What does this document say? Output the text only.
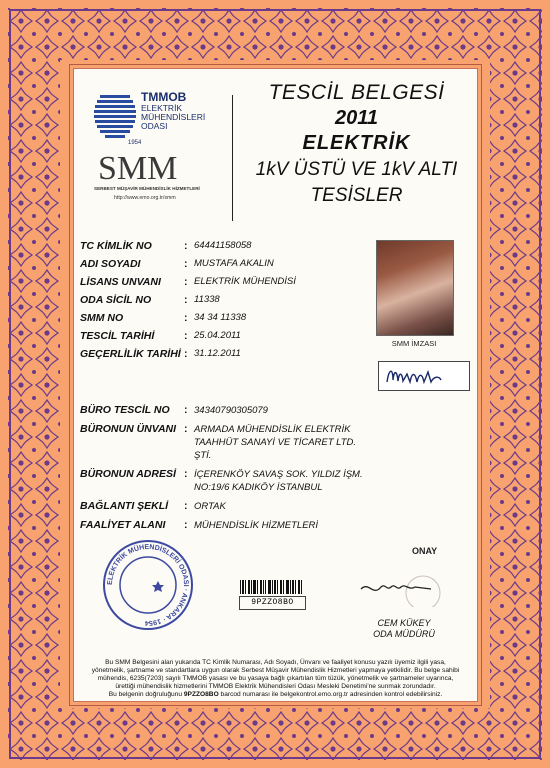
TMMOB
ELEKTRİK
MÜHENDİSLERİ
ODASI
1954
SMM
SERBEST MÜŞAVİR MÜHENDİSLİK HİZMETLERİ
http://www.emo.org.tr/smm
TESCİL BELGESİ
2011
ELEKTRİK
1kV ÜSTÜ VE 1kV ALTI
TESİSLER
TC KİMLİK NO	: 64441158058
ADI SOYADI	: MUSTAFA AKALIN
LİSANS UNVANI	: ELEKTRİK MÜHENDİSİ
ODA SİCİL NO	: 11338
SMM NO	: 34 34 11338
TESCİL TARİHİ	: 25.04.2011
GEÇERLİLİK TARİHİ : 31.12.2011
SMM İMZASI
BÜRO TESCİL NO	: 34340790305079
BÜRONUN ÜNVANI : ARMADA MÜHENDİSLİK ELEKTRİK TAAHHÜT SANAYİ VE TİCARET LTD. ŞTİ.
BÜRONUN ADRESİ : İÇERENKÖY SAVAŞ SOK. YILDIZ İŞM. NO:19/6 KADIKÖY İSTANBUL
BAĞLANTI ŞEKLİ	: ORTAK
FAALİYET ALANI	: MÜHENDİSLİK HİZMETLERİ
ONAY
ELEKTRİK MÜHENDİSLERİ ODASI · ANKARA · 1954
9PZZO8BO
CEM KÜKEY
ODA MÜDÜRÜ
Bu SMM Belgesini alan yukarıda TC Kimlik Numarası, Adı Soyadı, Ünvanı ve faaliyet konusu yazılı üyemiz ilgili yasa, yönetmelik, şartname ve standartlara uygun olarak Serbest Müşavir Mühendislik Hizmetleri yapmaya yetkilidir. Bu belge sahibi mühendis, 6235(7203) sayılı TMMOB yasası ve bu yasaya bağlı çıkartılan tüm tüzük, yönetmelik ve şartnameler uyarınca, ürettiği mühendislik hizmetlerini TMMOB Elektrik Mühendisleri Odası Mesleki Denetimi'ne sunmak zorundadır.
Bu belgenin doğruluğunu 9PZZO8BO barcod numarası ile belgekontrol.emo.org.tr adresinden kontrol edebilirsiniz.
